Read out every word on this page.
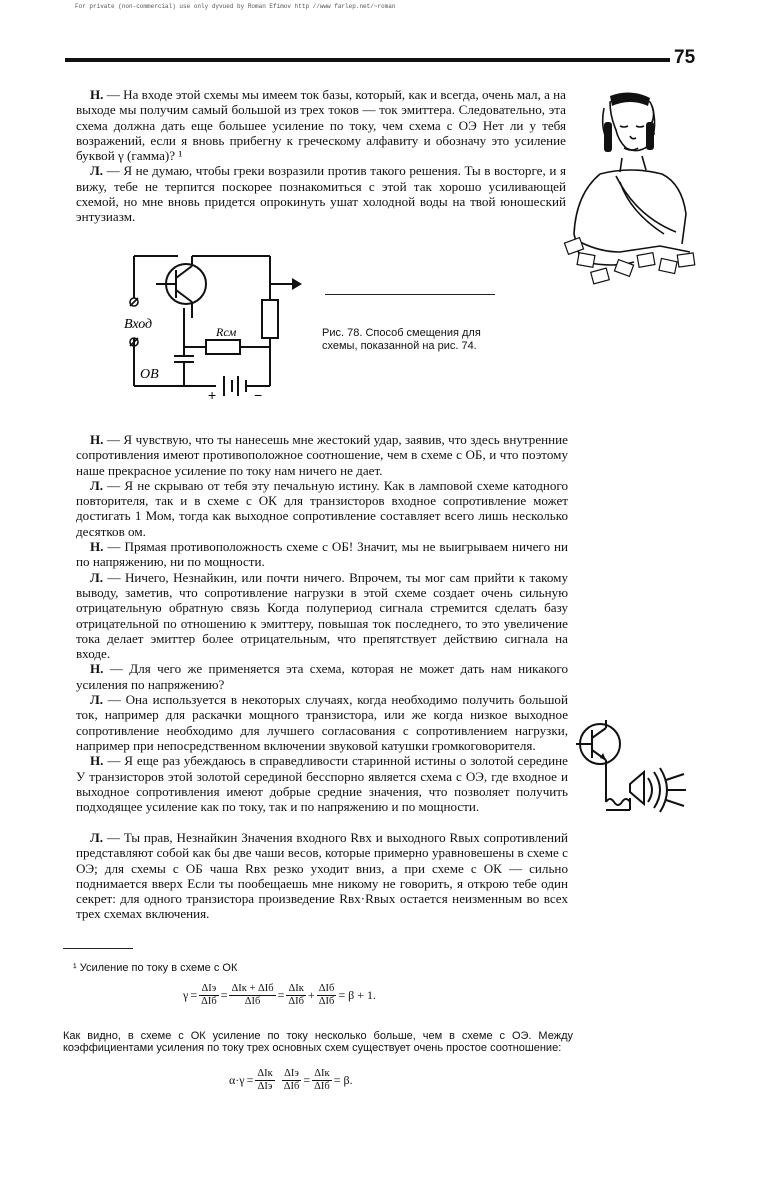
For private (non-commercial) use only dyvued by Roman Efimov http //www farlep.net/~roman
75

Н. — На входе этой схемы мы имеем ток базы, который, как и всегда, очень мал, а на выходе мы получим самый большой из трех токов — ток эмиттера. Следовательно, эта схема должна дать еще большее усиление по току, чем схема с ОЭ Нет ли у тебя возражений, если я вновь прибегну к греческому алфавиту и обозначу это усиление буквой γ (гамма)? ¹

Л. — Я не думаю, чтобы греки возразили против такого решения. Ты в восторге, и я вижу, тебе не терпится поскорее познакомиться с этой так хорошо усиливающей схемой, но мне вновь придется опрокинуть ушат холодной воды на твой юношеский энтузиазм.

Вход	Rсм
ОВ
+	−
Рис. 78. Способ смещения для схемы, показанной на рис. 74.

Н. — Я чувствую, что ты нанесешь мне жестокий удар, заявив, что здесь внутренние сопротивления имеют противоположное соотношение, чем в схеме с ОБ, и что поэтому наше прекрасное усиление по току нам ничего не дает.

Л. — Я не скрываю от тебя эту печальную истину. Как в ламповой схеме катодного повторителя, так и в схеме с ОК для транзисторов входное сопротивление может достигать 1 Мом, тогда как выходное сопротивление составляет всего лишь несколько десятков ом.

Н. — Прямая противоположность схеме с ОБ! Значит, мы не выигрываем ничего ни по напряжению, ни по мощности.

Л. — Ничего, Незнайкин, или почти ничего. Впрочем, ты мог сам прийти к такому выводу, заметив, что сопротивление нагрузки в этой схеме создает очень сильную отрицательную обратную связь Когда полупериод сигнала стремится сделать базу отрицательной по отношению к эмиттеру, повышая ток последнего, то это увеличение тока делает эмиттер более отрицательным, что препятствует действию сигнала на входе.

Н. — Для чего же применяется эта схема, которая не может дать нам никакого усиления по напряжению?

Л. — Она используется в некоторых случаях, когда необходимо получить большой ток, например для раскачки мощного транзистора, или же когда низкое выходное сопротивление необходимо для лучшего согласования с сопротивлением нагрузки, например при непосредственном включении звуковой катушки громкоговорителя.

Н. — Я еще раз убеждаюсь в справедливости старинной истины о золотой середине У транзисторов этой золотой серединой бесспорно является схема с ОЭ, где входное и выходное сопротивления имеют добрые средние значения, что позволяет получить подходящее усиление как по току, так и по напряжению и по мощности.

Л. — Ты прав, Незнайкин Значения входного Rвх и выходного Rвых сопротивлений представляют собой как бы две чаши весов, которые примерно уравновешены в схеме с ОЭ; для схемы с ОБ чаша Rвх резко уходит вниз, а при схеме с ОК — сильно поднимается вверх Если ты пообещаешь мне никому не говорить, я открою тебе один секрет: для одного транзистора произведение Rвх·Rвых остается неизменным во всех трех схемах включения.

¹ Усиление по току в схеме с ОК
$\gamma = \frac{\text{ΔIэ}}{\text{ΔIб}} = \frac{\text{ΔIк + ΔIб}}{\text{ΔIб}} = \frac{\text{ΔIк}}{\text{ΔIб}} + \frac{\text{ΔIб}}{\text{ΔIб}} = \beta + 1$.
Как видно, в схеме с ОК усиление по току несколько больше, чем в схеме с ОЭ. Между коэффициентами усиления по току трех основных схем существует очень простое соотношение:
$\alpha\cdot\gamma = \frac{\text{ΔIк}}{\text{ΔIэ}}$
$\frac{\text{ΔIэ}}{\text{ΔIб}} = \frac{\text{ΔIк}}{\text{ΔIб}} = \beta$.
